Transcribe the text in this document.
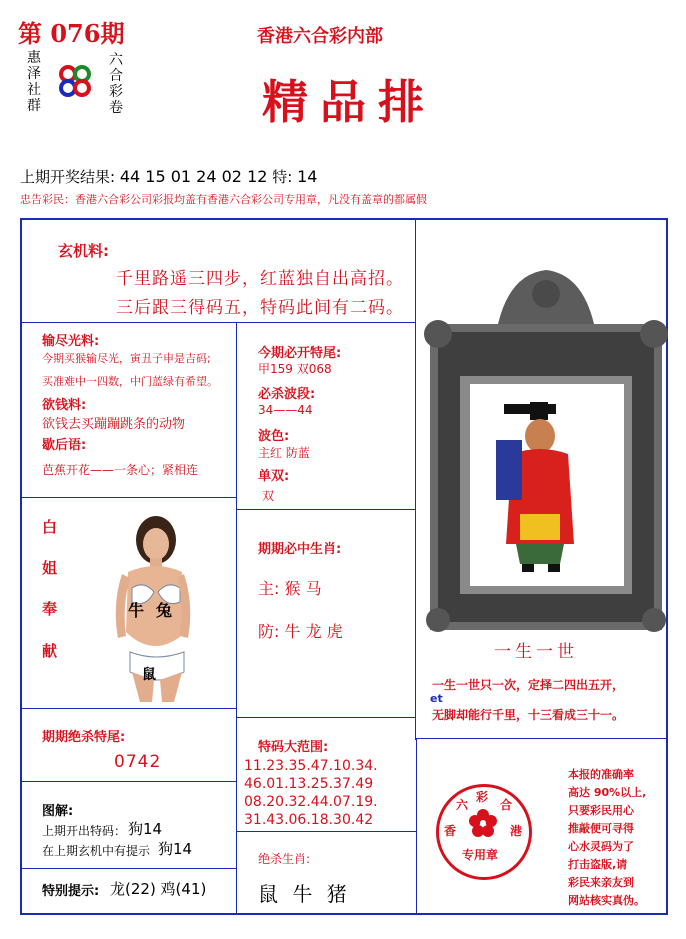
第 076期
惠泽社群
六合彩卷
香港六合彩内部
精品排
上期开奖结果: 44 15 01 24 02 12 特: 14
忠告彩民：香港六合彩公司彩报均盖有香港六合彩公司专用章，凡没有盖章的都属假
玄机料:
千里路遥三四步，红蓝独自出高招。
三后跟三得码五，特码此间有二码。
输尽光料:
今期买猴输尽光，寅丑子申是吉码;
买准难中一四数，中门蓝绿有希望。
欲钱料:
欲钱去买蹦蹦跳条的动物
歇后语:
芭蕉开花——一条心；紧相连
今期必开特尾:
甲159 双068
必杀波段:
34——44
波色:
主红 防蓝
单双:
双
白
姐
奉
献
牛 兔
鼠
期期必中生肖:
主: 猴 马
防: 牛 龙 虎
一生一世
一生一世只一次，定择二四出五开，
无脚却能行千里，十三看成三十一。
et
期期绝杀特尾:
0742
特码大范围:
11.23.35.47.10.34.
46.01.13.25.37.49
08.20.32.44.07.19.
31.43.06.18.30.42
图解:
上期开出特码： 狗14
在上期玄机中有提示 狗14
特别提示: 龙(22) 鸡(41)
绝杀生肖:
鼠 牛 猪
六
彩
合
香	港
专用章
本报的准确率
高达 90%以上,
只要彩民用心
推敲便可寻得
心水灵码为了
打击盗版,请
彩民来亲友到
网站核实真伪。
